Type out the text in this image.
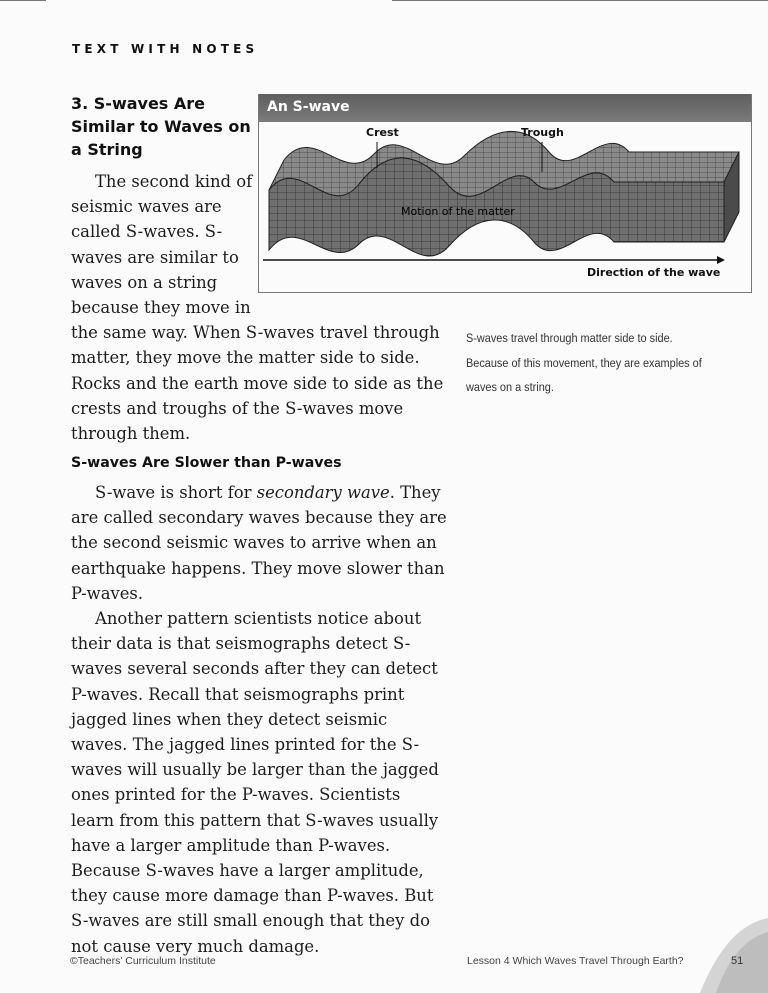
TEXT WITH NOTES
3. S-waves Are Similar to Waves on a String

The second kind of seismic waves are called S-waves. S-waves are similar to waves on a string because they move in the same way. When S-waves travel through matter, they move the matter side to side. Rocks and the earth move side to side as the crests and troughs of the S-waves move through them.

An S-wave
Crest	Trough
Motion of the matter
Direction of the wave
S-waves travel through matter side to side. Because of this movement, they are examples of waves on a string.
S-waves Are Slower than P-waves

S-wave is short for secondary wave. They are called secondary waves because they are the second seismic waves to arrive when an earthquake happens. They move slower than P-waves.

Another pattern scientists notice about their data is that seismographs detect S-waves several seconds after they can detect P-waves. Recall that seismographs print jagged lines when they detect seismic waves. The jagged lines printed for the S-waves will usually be larger than the jagged ones printed for the P-waves. Scientists learn from this pattern that S-waves usually have a larger amplitude than P-waves. Because S-waves have a larger amplitude, they cause more damage than P-waves. But S-waves are still small enough that they do not cause very much damage.

©Teachers' Curriculum Institute	Lesson 4 Which Waves Travel Through Earth?	51
